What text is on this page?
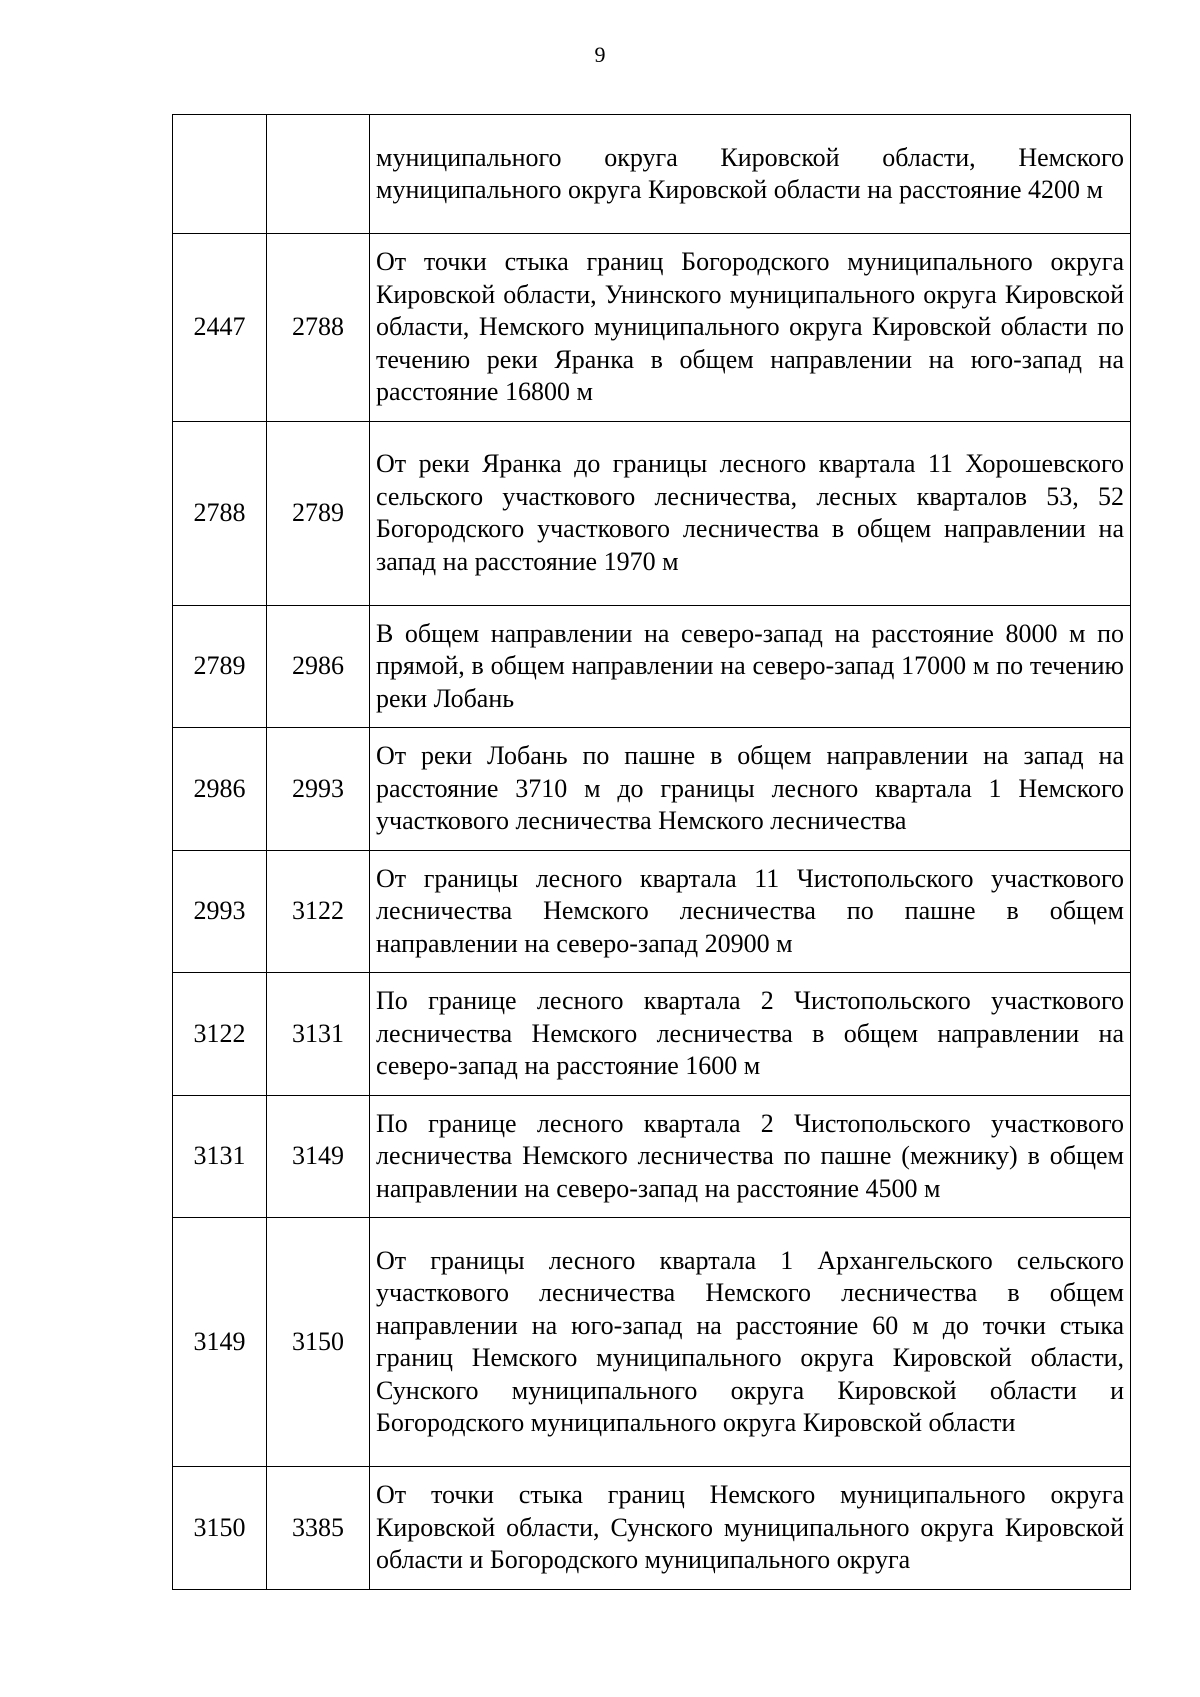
9
		муниципального округа Кировской области, Немского муниципального округа Кировской области на расстояние 4200 м
2447	2788	От точки стыка границ Богородского муниципального округа Кировской области, Унинского муниципального округа Кировской области, Немского муниципального округа Кировской области по течению реки Яранка в общем направлении на юго-запад на расстояние 16800 м
2788	2789	От реки Яранка до границы лесного квартала 11 Хорошевского сельского участкового лесничества, лесных кварталов 53, 52 Богородского участкового лесничества в общем направлении на запад на расстояние 1970 м
2789	2986	В общем направлении на северо-запад на расстояние 8000 м по прямой, в общем направлении на северо-запад 17000 м по течению реки Лобань
2986	2993	От реки Лобань по пашне в общем направлении на запад на расстояние 3710 м до границы лесного квартала 1 Немского участкового лесничества Немского лесничества
2993	3122	От границы лесного квартала 11 Чистопольского участкового лесничества Немского лесничества по пашне в общем направлении на северо-запад 20900 м
3122	3131	По границе лесного квартала 2 Чистопольского участкового лесничества Немского лесничества в общем направлении на северо-запад на расстояние 1600 м
3131	3149	По границе лесного квартала 2 Чистопольского участкового лесничества Немского лесничества по пашне (межнику) в общем направлении на северо-запад на расстояние 4500 м
3149	3150	От границы лесного квартала 1 Архангельского сельского участкового лесничества Немского лесничества в общем направлении на юго-запад на расстояние 60 м до точки стыка границ Немского муниципального округа Кировской области, Сунского муниципального округа Кировской области и Богородского муниципального округа Кировской области
3150	3385	От точки стыка границ Немского муниципального округа Кировской области, Сунского муниципального округа Кировской области и Богородского муниципального округа
